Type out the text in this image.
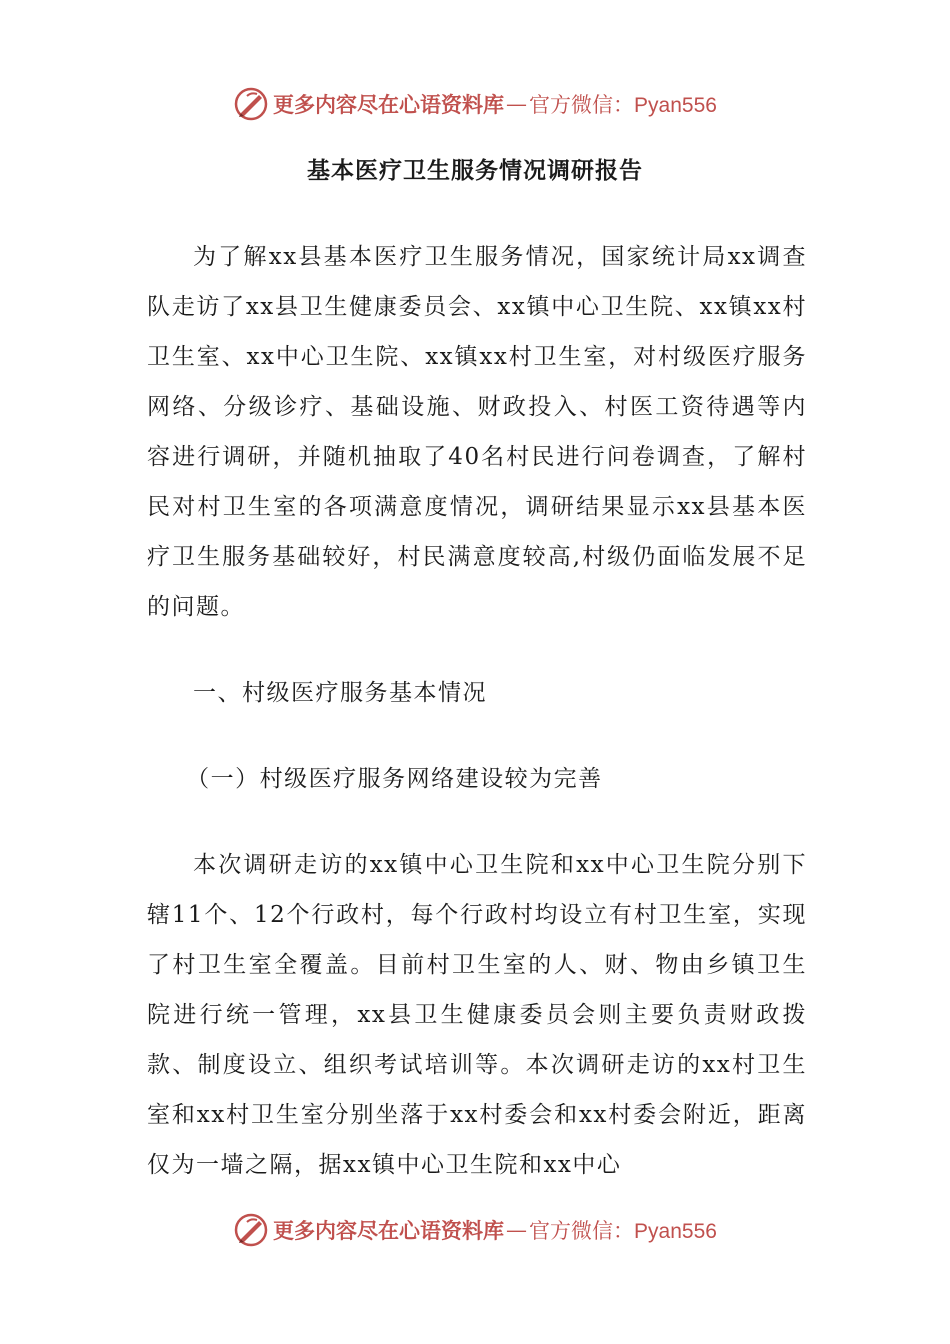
更多内容尽在心语资料库 — 官方微信：Pyan556
基本医疗卫生服务情况调研报告

为了解xx县基本医疗卫生服务情况，国家统计局xx调查队走访了xx县卫生健康委员会、xx镇中心卫生院、xx镇xx村卫生室、xx中心卫生院、xx镇xx村卫生室，对村级医疗服务网络、分级诊疗、基础设施、财政投入、村医工资待遇等内容进行调研，并随机抽取了40名村民进行问卷调查，了解村民对村卫生室的各项满意度情况，调研结果显示xx县基本医疗卫生服务基础较好，村民满意度较高,村级仍面临发展不足的问题。

一、村级医疗服务基本情况

（一）村级医疗服务网络建设较为完善

本次调研走访的xx镇中心卫生院和xx中心卫生院分别下辖11个、12个行政村，每个行政村均设立有村卫生室，实现了村卫生室全覆盖。目前村卫生室的人、财、物由乡镇卫生院进行统一管理，xx县卫生健康委员会则主要负责财政拨款、制度设立、组织考试培训等。本次调研走访的xx村卫生室和xx村卫生室分别坐落于xx村委会和xx村委会附近，距离仅为一墙之隔，据xx镇中心卫生院和xx中心

更多内容尽在心语资料库 — 官方微信：Pyan556
